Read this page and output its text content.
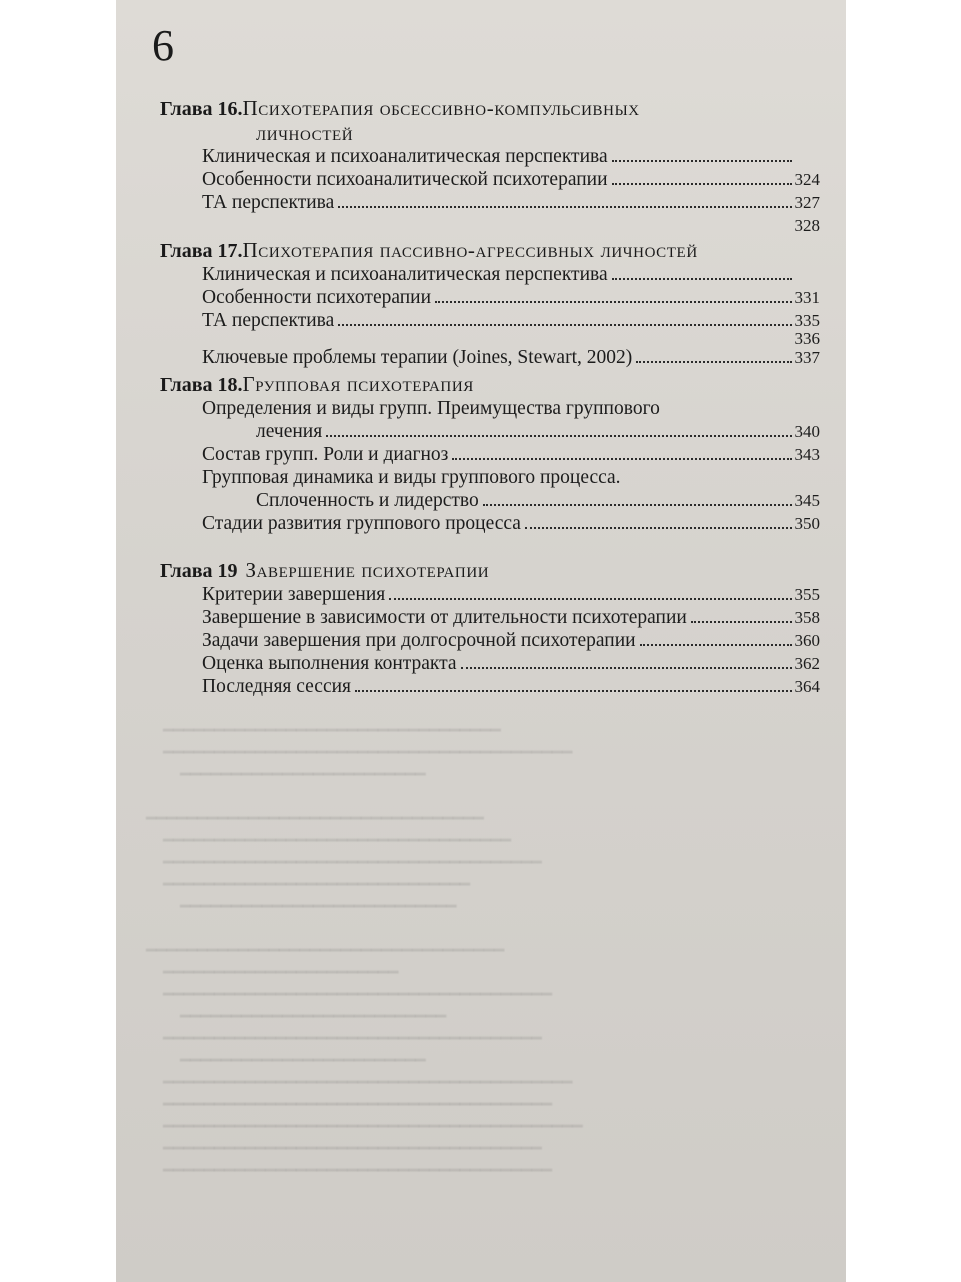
 ━━━━━━━━━━━━━━━━━━━━━━━━━━━━━━━━━
 ━━━━━━━━━━━━━━━━━━━━━━━━━━━━━━━━━━━━━━━━
  ━━━━━━━━━━━━━━━━━━━━━━━━

━━━━━━━━━━━━━━━━━━━━━━━━━━━━━━━━━
 ━━━━━━━━━━━━━━━━━━━━━━━━━━━━━━━━━━
 ━━━━━━━━━━━━━━━━━━━━━━━━━━━━━━━━━━━━━
 ━━━━━━━━━━━━━━━━━━━━━━━━━━━━━━
  ━━━━━━━━━━━━━━━━━━━━━━━━━━━

━━━━━━━━━━━━━━━━━━━━━━━━━━━━━━━━━━━
 ━━━━━━━━━━━━━━━━━━━━━━━
 ━━━━━━━━━━━━━━━━━━━━━━━━━━━━━━━━━━━━━━
  ━━━━━━━━━━━━━━━━━━━━━━━━━━
 ━━━━━━━━━━━━━━━━━━━━━━━━━━━━━━━━━━━━━
  ━━━━━━━━━━━━━━━━━━━━━━━━
 ━━━━━━━━━━━━━━━━━━━━━━━━━━━━━━━━━━━━━━━━
 ━━━━━━━━━━━━━━━━━━━━━━━━━━━━━━━━━━━━━━
 ━━━━━━━━━━━━━━━━━━━━━━━━━━━━━━━━━━━━━━━━━
 ━━━━━━━━━━━━━━━━━━━━━━━━━━━━━━━━━━━━━
 ━━━━━━━━━━━━━━━━━━━━━━━━━━━━━━━━━━━━━━
6
Глава 16. Психотерапия обсессивно-компульсивных
личностей
Клиническая и психоаналитическая перспектива
Особенности психоаналитической психотерапии	324
ТА перспектива	327
328
Глава 17. Психотерапия пассивно-агрессивных личностей
Клиническая и психоаналитическая перспектива
Особенности психотерапии	331
ТА перспектива	335
336
Ключевые проблемы терапии (Joines, Stewart, 2002)	337
Глава 18. Групповая психотерапия
Определения и виды групп. Преимущества группового
лечения	340
Состав групп. Роли и диагноз	343
Групповая динамика и виды группового процесса.
Сплоченность и лидерство	345
Стадии развития группового процесса	350
Глава 19 Завершение психотерапии
Критерии завершения	355
Завершение в зависимости от длительности психотерапии	358
Задачи завершения при долгосрочной психотерапии	360
Оценка выполнения контракта	362
Последняя сессия	364
